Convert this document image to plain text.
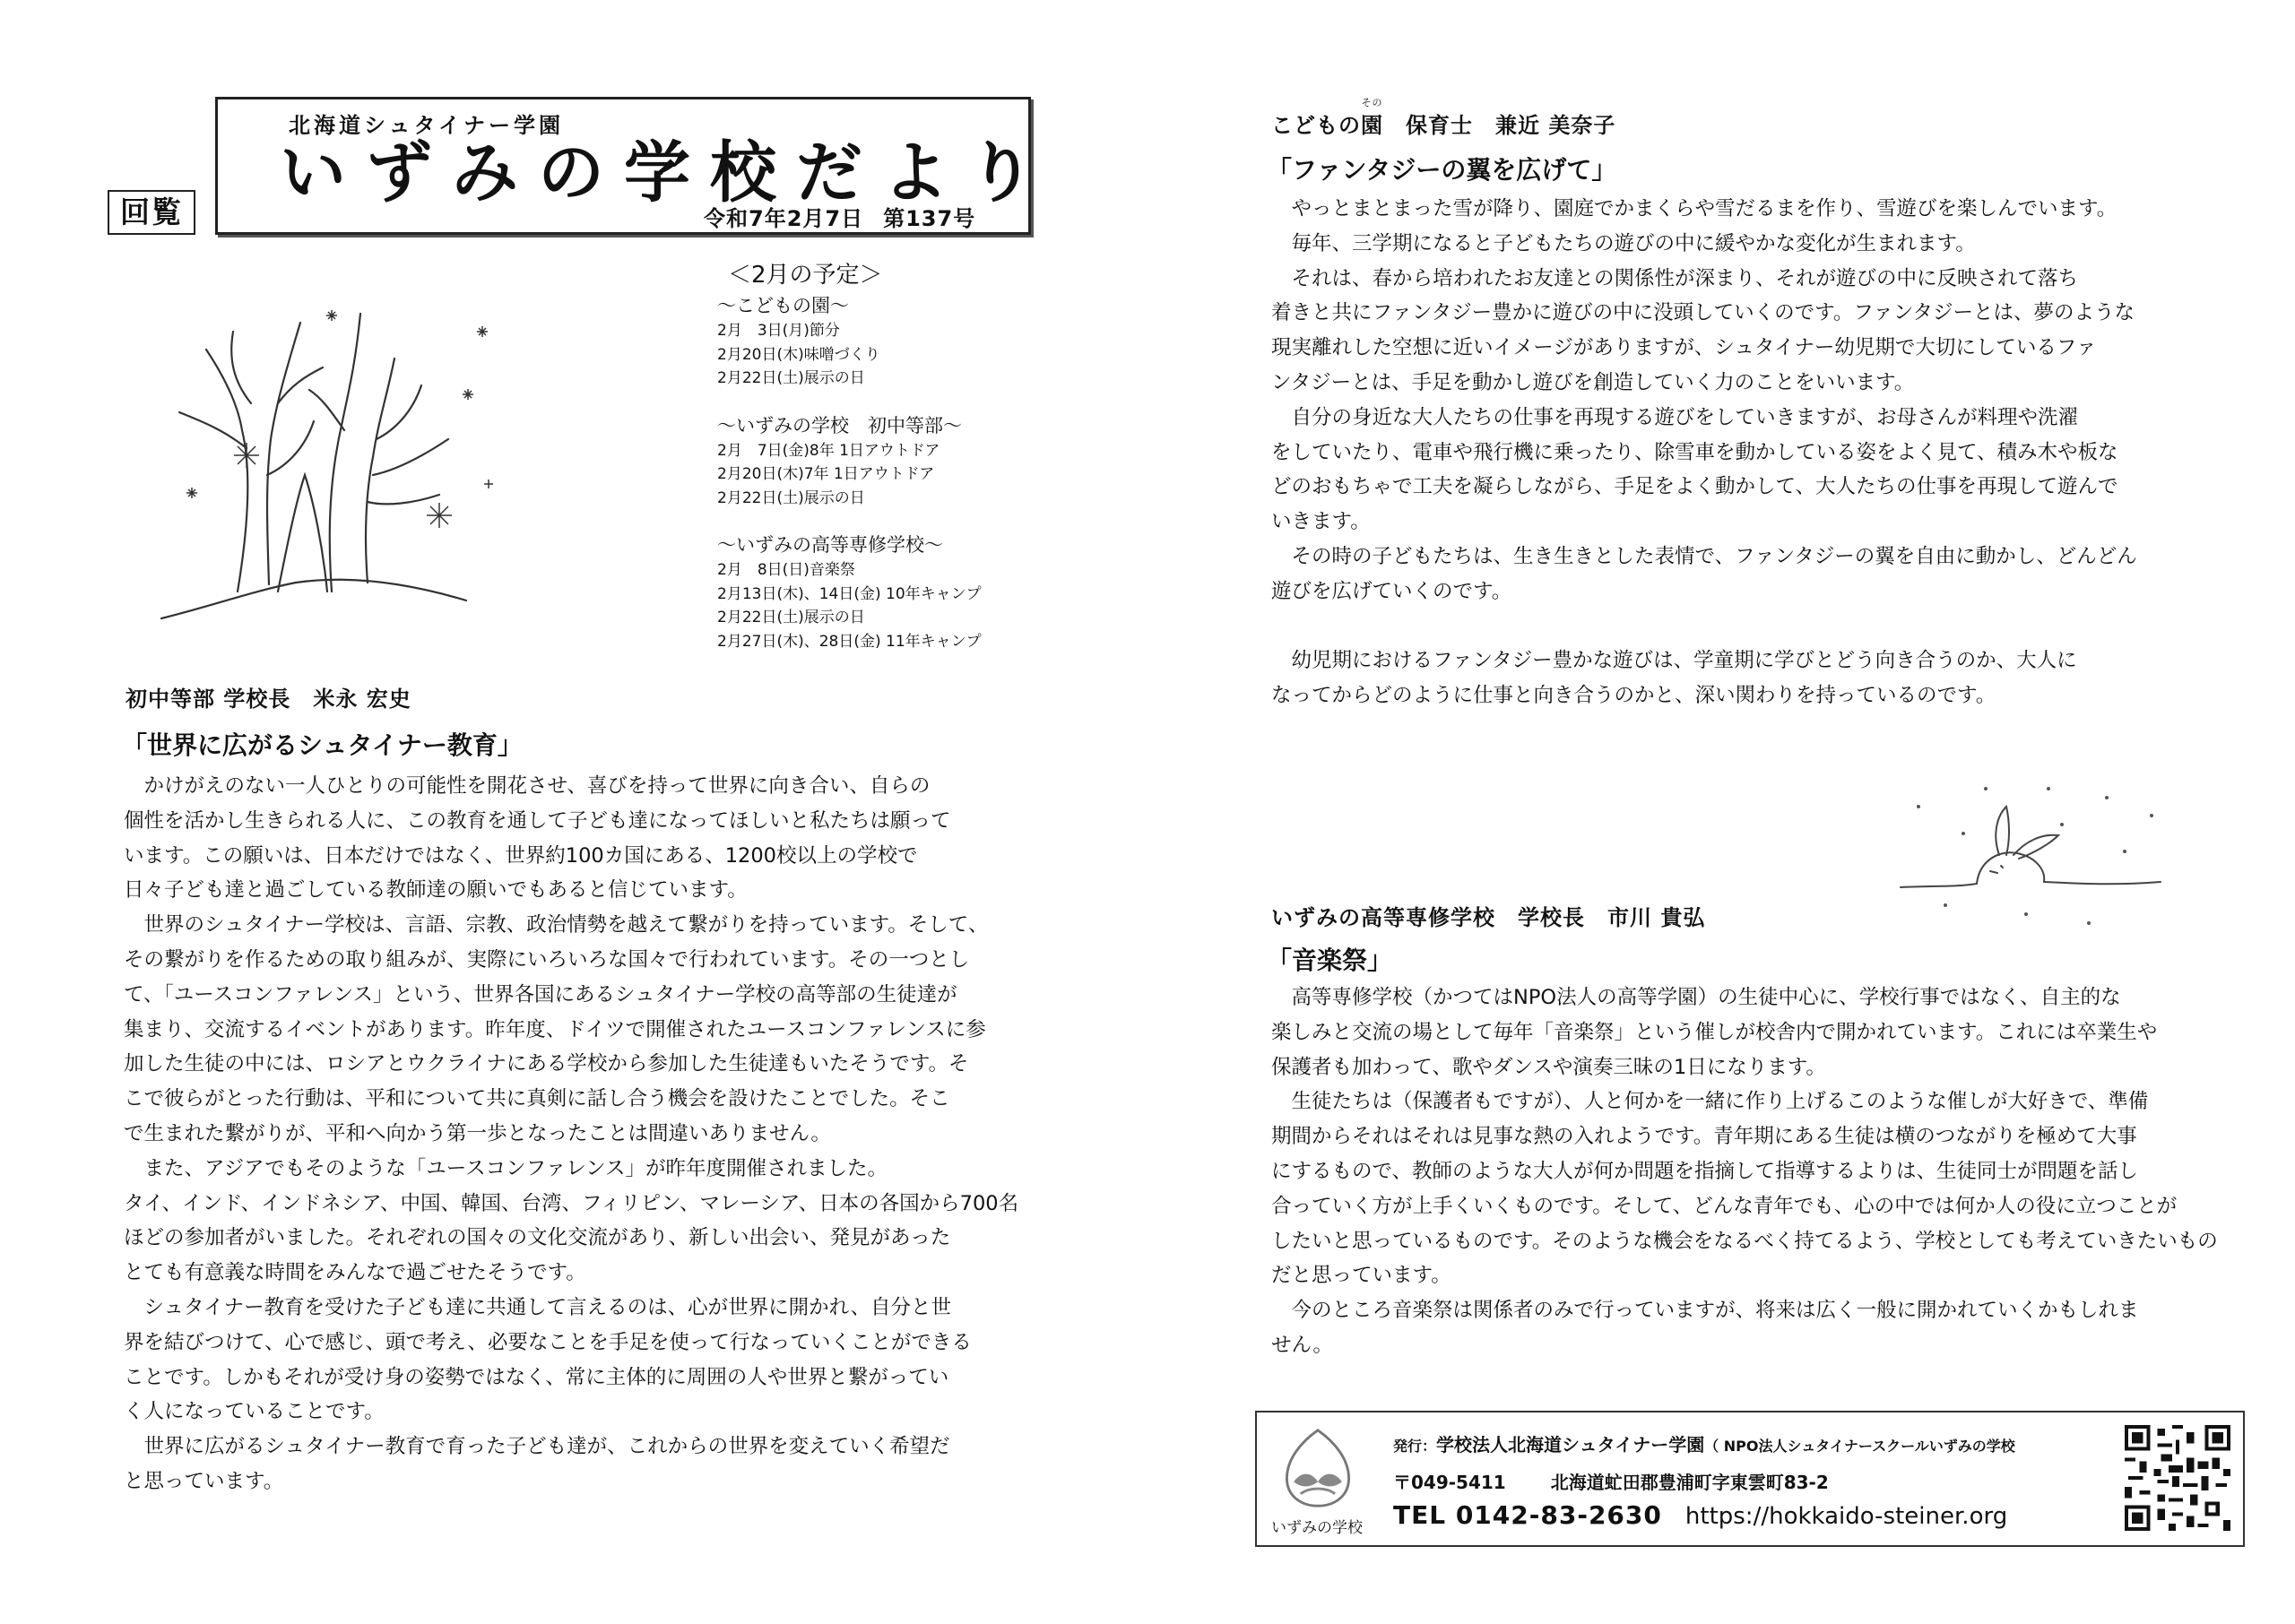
回覧
北海道シュタイナー学園
いずみの学校だより
令和7年2月7日 第137号
＜2月の予定＞
〜こどもの園〜
2月　3日(月)節分
2月20日(木)味噌づくり
2月22日(土)展示の日
〜いずみの学校　初中等部〜
2月　7日(金)8年 1日アウトドア
2月20日(木)7年 1日アウトドア
2月22日(土)展示の日
〜いずみの高等専修学校〜
2月　8日(日)音楽祭
2月13日(木)、14日(金) 10年キャンプ
2月22日(土)展示の日
2月27日(木)、28日(金) 11年キャンプ
初中等部 学校長　米永 宏史
「世界に広がるシュタイナー教育」

　かけがえのない一人ひとりの可能性を開花させ、喜びを持って世界に向き合い、自らの

個性を活かし生きられる人に、この教育を通して子ども達になってほしいと私たちは願って

います。この願いは、日本だけではなく、世界約100カ国にある、1200校以上の学校で

日々子ども達と過ごしている教師達の願いでもあると信じています。

　世界のシュタイナー学校は、言語、宗教、政治情勢を越えて繋がりを持っています。そして、

その繋がりを作るための取り組みが、実際にいろいろな国々で行われています。その一つとし

て、「ユースコンファレンス」という、世界各国にあるシュタイナー学校の高等部の生徒達が

集まり、交流するイベントがあります。昨年度、ドイツで開催されたユースコンファレンスに参

加した生徒の中には、ロシアとウクライナにある学校から参加した生徒達もいたそうです。そ

こで彼らがとった行動は、平和について共に真剣に話し合う機会を設けたことでした。そこ

で生まれた繋がりが、平和へ向かう第一歩となったことは間違いありません。

　また、アジアでもそのような「ユースコンファレンス」が昨年度開催されました。

タイ、インド、インドネシア、中国、韓国、台湾、フィリピン、マレーシア、日本の各国から700名

ほどの参加者がいました。それぞれの国々の文化交流があり、新しい出会い、発見があった

とても有意義な時間をみんなで過ごせたそうです。

　シュタイナー教育を受けた子ども達に共通して言えるのは、心が世界に開かれ、自分と世

界を結びつけて、心で感じ、頭で考え、必要なことを手足を使って行なっていくことができる

ことです。しかもそれが受け身の姿勢ではなく、常に主体的に周囲の人や世界と繋がってい

く人になっていることです。

　世界に広がるシュタイナー教育で育った子ども達が、これからの世界を変えていく希望だ

と思っています。

こどもの
その
園　保育士　兼近 美奈子
「ファンタジーの翼を広げて」

　やっとまとまった雪が降り、園庭でかまくらや雪だるまを作り、雪遊びを楽しんでいます。

　毎年、三学期になると子どもたちの遊びの中に緩やかな変化が生まれます。

　それは、春から培われたお友達との関係性が深まり、それが遊びの中に反映されて落ち

着きと共にファンタジー豊かに遊びの中に没頭していくのです。ファンタジーとは、夢のような

現実離れした空想に近いイメージがありますが、シュタイナー幼児期で大切にしているファ

ンタジーとは、手足を動かし遊びを創造していく力のことをいいます。

　自分の身近な大人たちの仕事を再現する遊びをしていきますが、お母さんが料理や洗濯

をしていたり、電車や飛行機に乗ったり、除雪車を動かしている姿をよく見て、積み木や板な

どのおもちゃで工夫を凝らしながら、手足をよく動かして、大人たちの仕事を再現して遊んで

いきます。

　その時の子どもたちは、生き生きとした表情で、ファンタジーの翼を自由に動かし、どんどん

遊びを広げていくのです。

　幼児期におけるファンタジー豊かな遊びは、学童期に学びとどう向き合うのか、大人に

なってからどのように仕事と向き合うのかと、深い関わりを持っているのです。

いずみの高等専修学校　学校長　市川 貴弘
「音楽祭」

　高等専修学校（かつてはNPO法人の高等学園）の生徒中心に、学校行事ではなく、自主的な

楽しみと交流の場として毎年「音楽祭」という催しが校舎内で開かれています。これには卒業生や

保護者も加わって、歌やダンスや演奏三昧の1日になります。

　生徒たちは（保護者もですが）、人と何かを一緒に作り上げるこのような催しが大好きで、準備

期間からそれはそれは見事な熱の入れようです。青年期にある生徒は横のつながりを極めて大事

にするもので、教師のような大人が何か問題を指摘して指導するよりは、生徒同士が問題を話し

合っていく方が上手くいくものです。そして、どんな青年でも、心の中では何か人の役に立つことが

したいと思っているものです。そのような機会をなるべく持てるよう、学校としても考えていきたいもの

だと思っています。

　今のところ音楽祭は関係者のみで行っていますが、将来は広く一般に開かれていくかもしれま

せん。

いずみの学校
発行：学校法人北海道シュタイナー学園（ NPO法人シュタイナースクールいずみの学校
〒049-5411	北海道虻田郡豊浦町字東雲町83-2
TEL 0142-83-2630 https://hokkaido-steiner.org
